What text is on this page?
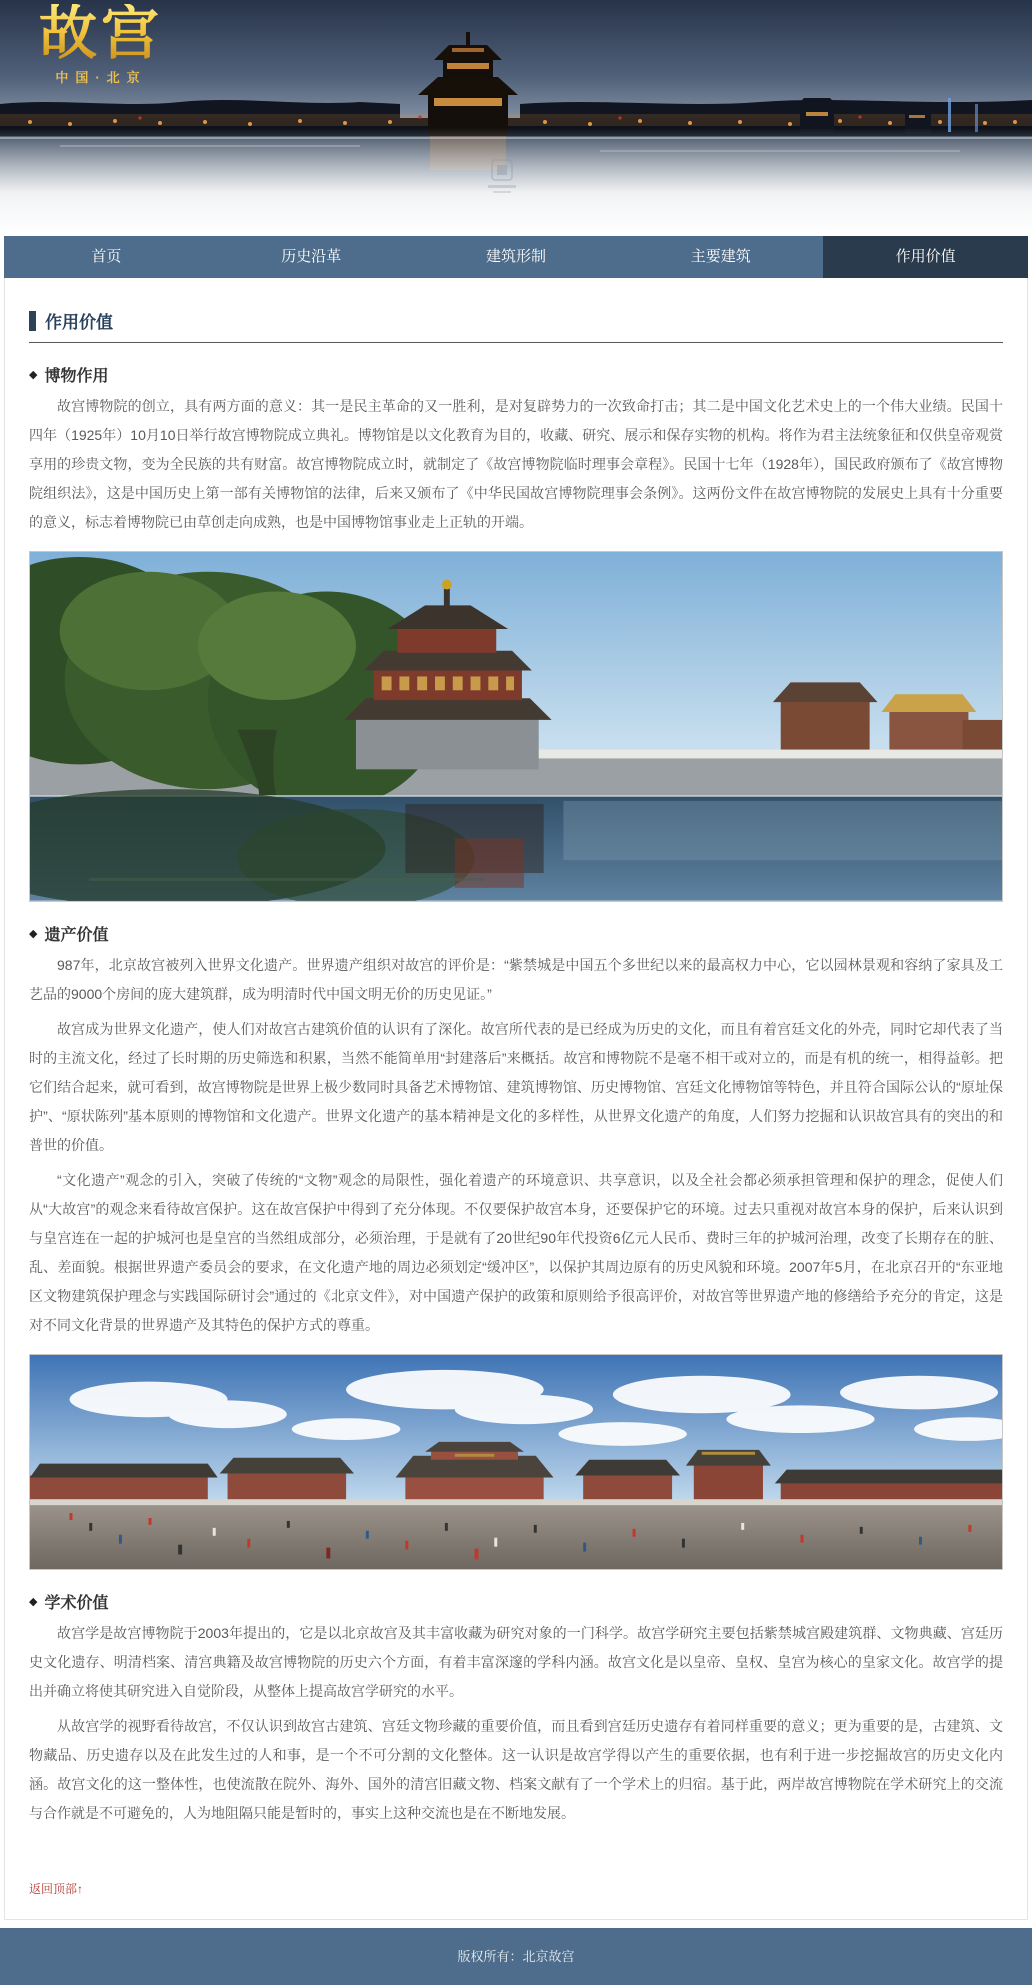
故宫
中国·北京
首页	历史沿革	建筑形制	主要建筑	作用价值
作用价值
◆ 博物作用

故宫博物院的创立，具有两方面的意义：其一是民主革命的又一胜利，是对复辟势力的一次致命打击；其二是中国文化艺术史上的一个伟大业绩。民国十四年（1925年）10月10日举行故宫博物院成立典礼。博物馆是以文化教育为目的，收藏、研究、展示和保存实物的机构。将作为君主法统象征和仅供皇帝观赏享用的珍贵文物，变为全民族的共有财富。故宫博物院成立时，就制定了《故宫博物院临时理事会章程》。民国十七年（1928年），国民政府颁布了《故宫博物院组织法》，这是中国历史上第一部有关博物馆的法律，后来又颁布了《中华民国故宫博物院理事会条例》。这两份文件在故宫博物院的发展史上具有十分重要的意义，标志着博物院已由草创走向成熟，也是中国博物馆事业走上正轨的开端。

◆ 遗产价值

987年，北京故宫被列入世界文化遗产。世界遗产组织对故宫的评价是：“紫禁城是中国五个多世纪以来的最高权力中心，它以园林景观和容纳了家具及工艺品的9000个房间的庞大建筑群，成为明清时代中国文明无价的历史见证。”

故宫成为世界文化遗产，使人们对故宫古建筑价值的认识有了深化。故宫所代表的是已经成为历史的文化，而且有着宫廷文化的外壳，同时它却代表了当时的主流文化，经过了长时期的历史筛选和积累，当然不能简单用“封建落后”来概括。故宫和博物院不是毫不相干或对立的，而是有机的统一，相得益彰。把它们结合起来，就可看到，故宫博物院是世界上极少数同时具备艺术博物馆、建筑博物馆、历史博物馆、宫廷文化博物馆等特色，并且符合国际公认的“原址保护”、“原状陈列”基本原则的博物馆和文化遗产。世界文化遗产的基本精神是文化的多样性，从世界文化遗产的角度，人们努力挖掘和认识故宫具有的突出的和普世的价值。

“文化遗产”观念的引入，突破了传统的“文物”观念的局限性，强化着遗产的环境意识、共享意识，以及全社会都必须承担管理和保护的理念，促使人们从“大故宫”的观念来看待故宫保护。这在故宫保护中得到了充分体现。不仅要保护故宫本身，还要保护它的环境。过去只重视对故宫本身的保护，后来认识到与皇宫连在一起的护城河也是皇宫的当然组成部分，必须治理，于是就有了20世纪90年代投资6亿元人民币、费时三年的护城河治理，改变了长期存在的脏、乱、差面貌。根据世界遗产委员会的要求，在文化遗产地的周边必须划定“缓冲区”，以保护其周边原有的历史风貌和环境。2007年5月，在北京召开的“东亚地区文物建筑保护理念与实践国际研讨会”通过的《北京文件》，对中国遗产保护的政策和原则给予很高评价，对故宫等世界遗产地的修缮给予充分的肯定，这是对不同文化背景的世界遗产及其特色的保护方式的尊重。

◆ 学术价值

故宫学是故宫博物院于2003年提出的，它是以北京故宫及其丰富收藏为研究对象的一门科学。故宫学研究主要包括紫禁城宫殿建筑群、文物典藏、宫廷历史文化遗存、明清档案、清宫典籍及故宫博物院的历史六个方面，有着丰富深邃的学科内涵。故宫文化是以皇帝、皇权、皇宫为核心的皇家文化。故宫学的提出并确立将使其研究进入自觉阶段，从整体上提高故宫学研究的水平。

从故宫学的视野看待故宫，不仅认识到故宫古建筑、宫廷文物珍藏的重要价值，而且看到宫廷历史遗存有着同样重要的意义；更为重要的是，古建筑、文物藏品、历史遗存以及在此发生过的人和事，是一个不可分割的文化整体。这一认识是故宫学得以产生的重要依据，也有利于进一步挖掘故宫的历史文化内涵。故宫文化的这一整体性，也使流散在院外、海外、国外的清宫旧藏文物、档案文献有了一个学术上的归宿。基于此，两岸故宫博物院在学术研究上的交流与合作就是不可避免的，人为地阻隔只能是暂时的，事实上这种交流也是在不断地发展。

返回顶部↑
版权所有：北京故宫
